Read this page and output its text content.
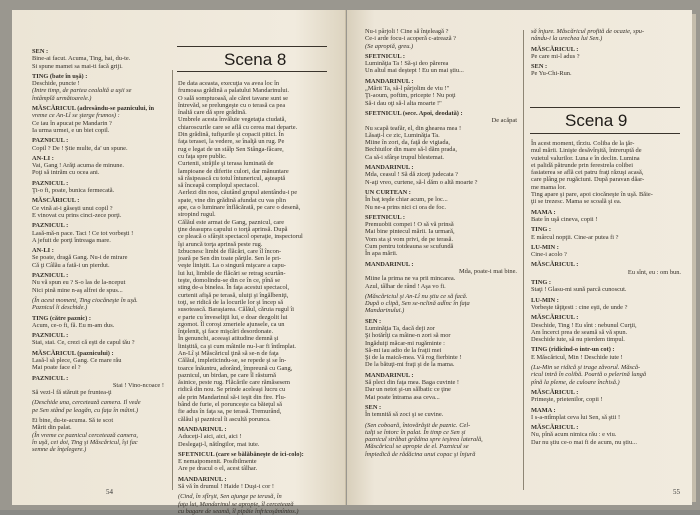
SEN :
Bine-ai facut. Acuma, Ting, hai, du-te.
Si spune mamei sa mai-ti facă griji.
TING (bate în uşă) :
Deschide, puncte !
(Intre timp, de partea cealaltă a uşii se
întâmplă următoarele.)
MĂSCĂRICUL (adresându-se paznicului, în
vreme ce An-Lî se şterge frumos) :
Ce iau în apucat pe Mandarin ?
Ia urma urmei, e un biet copil.
PAZNICUL :
Copil ? De ! Știe multe, da' un spune.
AN-LI :
Vai, Gang ! Arăţi acuma de minune.
Poţi să intrăm cu ocea ani.
PAZNICUL :
Ţi-o fi, poate, bunica fermecată.
MĂSCĂRICUL :
Ce vină ai-i găseşti unui copil ?
E vinovat cu prins cinci-zece porţi.
PAZNICUL :
Lasă-mă-n pace. Taci ! Ce tot vorbeşti !
A jefuit de porţi întreaga mare.
AN-LI :
Se poate, dragă Gang. Nu-i de mirare
Că ţi Câlău a fată-i un pierdut.
PAZNICUL :
Nu vă spun eu ? S-o las de la-nceput
Nici pină mine n-aş alfrei de spus...
(În acest moment, Ting ciocăneşte în uşă.
Paznicul îi deschide.)
TING (către paznic) :
Acum, ce-o fi, fă. Eu m-am dus.
PAZNICUL :
Stai, stai. Ce, crezi că eşti de capul tău ?
MĂSCĂRICUL (paznicului) :
Lasă-l să plece, Gang. Ce mare rău
Mai poate face el ?
PAZNICUL :
Stai ! Vino-ncoace !
Să vezi-l fă stăruit pe fruntea-ţi
(Deschide una, cercetează camera. Il vede
pe Sen stând pe leagăn, cu faţa în mâini.)
Ei bine, du-te-acuma. Să te scot
Mărit din palat.
(În vreme ce paznicul cercetează camera,
în uşă, cei doi, Ting şi Măscăricul, îşi fac
semne de înţelegere.)
Scena 8
De data aceasta, execuţia va avea loc în
frumoasa grădină a palatului Mandarinului.
O sală somptuoasă, ale cărei tavane sunt se
întrevăd, se prelungeşte cu o terasă ca pea
înaltă care dă spre grădină.
Umbrele acesta învăluie vegetaţia ciudată,
chiaroscurile care se află cu cerea mai departe.
Din grădină, tufişurile şi copacii pitici. În
faţa terasei, la vedere, se înalţă un rug. Pe
rug e legat de un stâlp Sen Stânga-fâcare,
cu faţa spre public.
Curtenii, străjile şi terasa luminată de
lampioane de diferite culori, dar mănuntare
să răsipească cu totul întunericul, aşteaptă
să înceapă comploţul spectacol.
Aerlezi din nou, căutând grupul atentându-i pe
spate, vine din grădină afundat cu vas plin
ape, ca o luminare înflăcărată, pe care o desenă,
stropind rugul.
Călăul este armat de Gang, paznicul, care
ţine deasupra capului o torţă aprinsă. După
ce pleacă o sfârşit spectacol operaţie, inspectorul
îşi aruncă torţa aprinsă peste rug.
Izbucnesc limbi de flăcări, care îl încon-
joară pe Sen din toate părţile. Sen le pri-
veşte liniştit. La o singură mişcare a capu-
lui lui, limbile de flăcări se retrag scurtân-
teşte, domolindu-se din ce în ce, pînă se
sting de-a binelea. În faţa acestui spectacol,
curtenii afişă pe terasă, uluiţi şi îngălbeniţi,
toţi, se ridică de la locurile lor şi încep să
susotească. Baraşiarea. Călăul, căruia rugul îi
e parte cu înveseliţii lui, e doar dezgolit lui
zgomot. Îl coroşi zmeriele ajunsele, ca un
înţelenit, şi face mişcări desordonate.
În genunchi, aceeaşi atitudine demnă şi
liniştită, ca şi cum mâinile nu-l-ar fi întîmplat.
An-Lî şi Măscăricul ţină să se-n de faţa
Călăul, impleticindu-se, se repede şi se în-
toarce înăuntru, adorând, împreună cu Gang,
paznicul, un birdan, pe care îl răsturnă
ăsinice, peste rug. Flăcările care rămăsesem
ridică din nou. Se prinde aceleaşi lucru cu
ale prin Mandarinul să-i ieşit din fire. Flu-
bând de furie, el porunceşte ca băieţul să
fie adus în faţa sa, pe terasă. Tremurând,
călăul şi paznicul îi ascultă porunca.
MANDARINUL :
Aduceţi-l aici, aici, aici !
Deslegaţi-l, nătîngilor, mai iute.
SFETNICUL (care se bălăbăneşte de ici-colo):
E nemaipomenit. Posibilmente
Are pe dracul o el, acest tâlhar.
MANDARINUL :
Să vă în drumul ! Haide ! Duşi-i cor !
(Cind, în sfîrşit, Sen ajunge pe terasă, în
faţa lui, Mandarinul se apropie, îl cercetează
cu bagare de seamă, îl pipăie înfricoşămîntos.)
54
Nu-i pârjoli ! Cine să înţeleagă ?
Ce-i arde focu-i acoperă c-atrează ?
(Se apropiă, greu.)
SFETNICUL :
Luminăţia Ta ! Să-şi deo părerea
Un altul mai deştept ! Eu un mai ştiu...
MANDARINUL :
„Mărit Ta, să-l pârjolim de viu !"
Ţi-aoum, poftim, pricepte ! Nu poţi
Să-i dau oţi să-l alta moarte !"
SFETNICUL (sece. Apoi, deodată) :
De acăpat
Nu scapă teafăr, el, din ghearea mea !
Lăsaţi-l ce zic, Luminăţia Ta.
Miine în zori, da, faţă de vigiada,
Bechiuilor din mare să-l dăm prada,
Ca să-i sfârşe trupul blestemat.
MANDARINUL :
Mda, ceasul ! Să dă ziceţi judecata ?
N-aţi vreo, curtene, să-l dăm o altă moarte ?
UN CURTEAN :
În baţ ieşde chiar acum, pe loc...
Nu ne-a prins nici ci ora de foc.
SFETNICUL :
Premuobii compei ! O să vă prinsă
Mai bine pintecul mării. Ia urmară,
Vom sta şi vom privi, de pe terasă.
Cum pentru totdeauna se scufundă
În apa mării.
MANDARINUL :
Mda, poate-i mai bine.
Miine la prima ne va prii mincarea.
Azul, tâlhar de rând ! Aşa vo fi.
(Măscăriciul şi An-Lî nu ştiu ce să facă.
După o clipă, Sen se-nclină adînc în faţa
Mandarinului.)
SEN :
Luminăţia Ta, dacă deji zor
Şi hotărîţi ca mâine-n zori să mor
Ingăduiţi măcar-mi rugăminte :
Să-mi iau adio de la fraţii mei
Şi de la maică-mea. Vă rog fierbinte !
De la bătuţi-mi fraţi şi de la mama.
MANDARINUL :
Să pleci din faţa mea. Baga cuvinte !
Dar un netot şi-un sălbatic ce ţine
Mai poate întrama asa ceva...
SEN :
În temnită să zoci şi se cuvine.
(Sen coboară, întovărăşit de paznic. Cel-
talţi se întorc în palat. În timp ce Sen şi
paznicul străbat grădina spre ieşirea laterală,
Măscăricul se apropie de el. Paznicul se
împiedică de rădăcina unui copac şi înjură
să înjure. Măscăricul profită de ocazie, spu-
nându-i la urechea lui Sen.)
MĂSCĂRICUL :
Pe care mi-l adus ?
SEN :
Pe Yu-Chi-Run.
Scena 9
55
În acest moment, tîrziu. Coliba de la ţăr-
mul mării. Linişte desăvîrşită, întreruptă de
vuietul valurilor. Luna e în declin. Lumina
ei palidă pătrunde prin ferestrela colibei
fasiaterea se află cei patru fraţi răzuşi acasă,
care plâng pe rugăciuni. După paravan dăar-
me mama lor.
Ting apare şi pare, apoi ciocăneşte în uşă. Băie-
ţii se trezesc. Mama se scoală şi ea.
MAMA :
Bate în uşă cineva, copii !
TING :
E mârcul nopţii. Cine-ar putea fi ?
LU-MIN :
Cine-i acolo ?
MĂSCĂRICUL :
Eu sînt, eu : om bun.
TING :
Staţi ! Glasu-mi sună parcă cunoscut.
LU-MIN :
Vorbeşte tăţiţesti : cine eşti, de unde ?
MĂSCĂRICUL :
Deschide, Ting ! Eu sînt : nebunul Curţii,
Am încerci prea de seamă să vă spun.
Deschide iute, să nu pierdem timpul.
TING (ridicînd-o intr-un cot) :
E Măscăricul, Min ! Deschide iute !
(Lu-Min se ridică şi trage zăvorul. Măscă-
ricul intră în colibă. Poartă o pelerină lungă
pînă la pleme, de culoare închisă.)
MĂSCĂRICUL :
Primeşte, prietenilor, copii !
MAMA :
I s-a-ntîmplat ceva lui Sen, să ştii !
MĂSCĂRICUL :
Nu, pînă acum nimica rău : e viu.
Dar nu ştiu ce-o mai fi de acum, nu ştiu...
